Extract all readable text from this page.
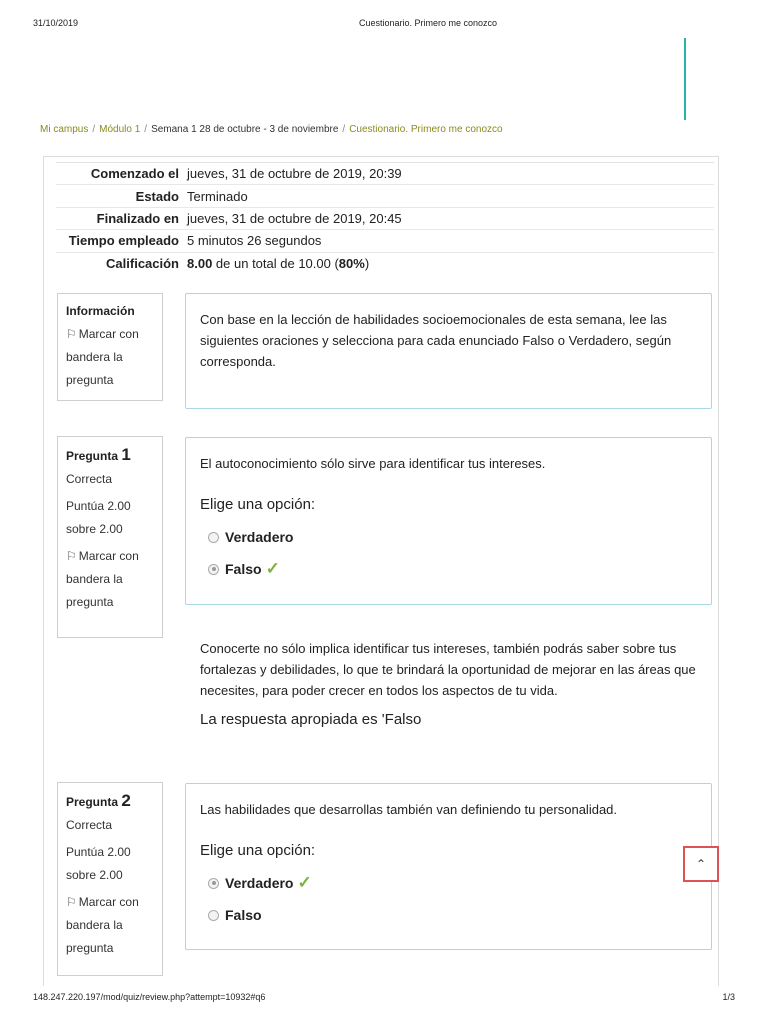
31/10/2019	Cuestionario. Primero me conozco
Mi campus / Módulo 1 / Semana 1 28 de octubre - 3 de noviembre / Cuestionario. Primero me conozco
Comenzado el jueves, 31 de octubre de 2019, 20:39
Estado Terminado
Finalizado en jueves, 31 de octubre de 2019, 20:45
Tiempo empleado 5 minutos 26 segundos
Calificación 8.00 de un total de 10.00 (80%)
Información
⚐ Marcar con bandera la pregunta
Con base en la lección de habilidades socioemocionales de esta semana, lee las siguientes oraciones y selecciona para cada enunciado Falso o Verdadero, según corresponda.
Pregunta 1
Correcta
Puntúa 2.00 sobre 2.00
⚐ Marcar con bandera la pregunta
El autoconocimiento sólo sirve para identificar tus intereses.
Elige una opción:
Verdadero
Falso ✓
Conocerte no sólo implica identificar tus intereses, también podrás saber sobre tus fortalezas y debilidades, lo que te brindará la oportunidad de mejorar en las áreas que necesites, para poder crecer en todos los aspectos de tu vida.
La respuesta apropiada es 'Falso
Pregunta 2
Correcta
Puntúa 2.00 sobre 2.00
⚐ Marcar con bandera la pregunta
Las habilidades que desarrollas también van definiendo tu personalidad.
Elige una opción:
Verdadero ✓
Falso
⌃
148.247.220.197/mod/quiz/review.php?attempt=10932#q6	1/3
